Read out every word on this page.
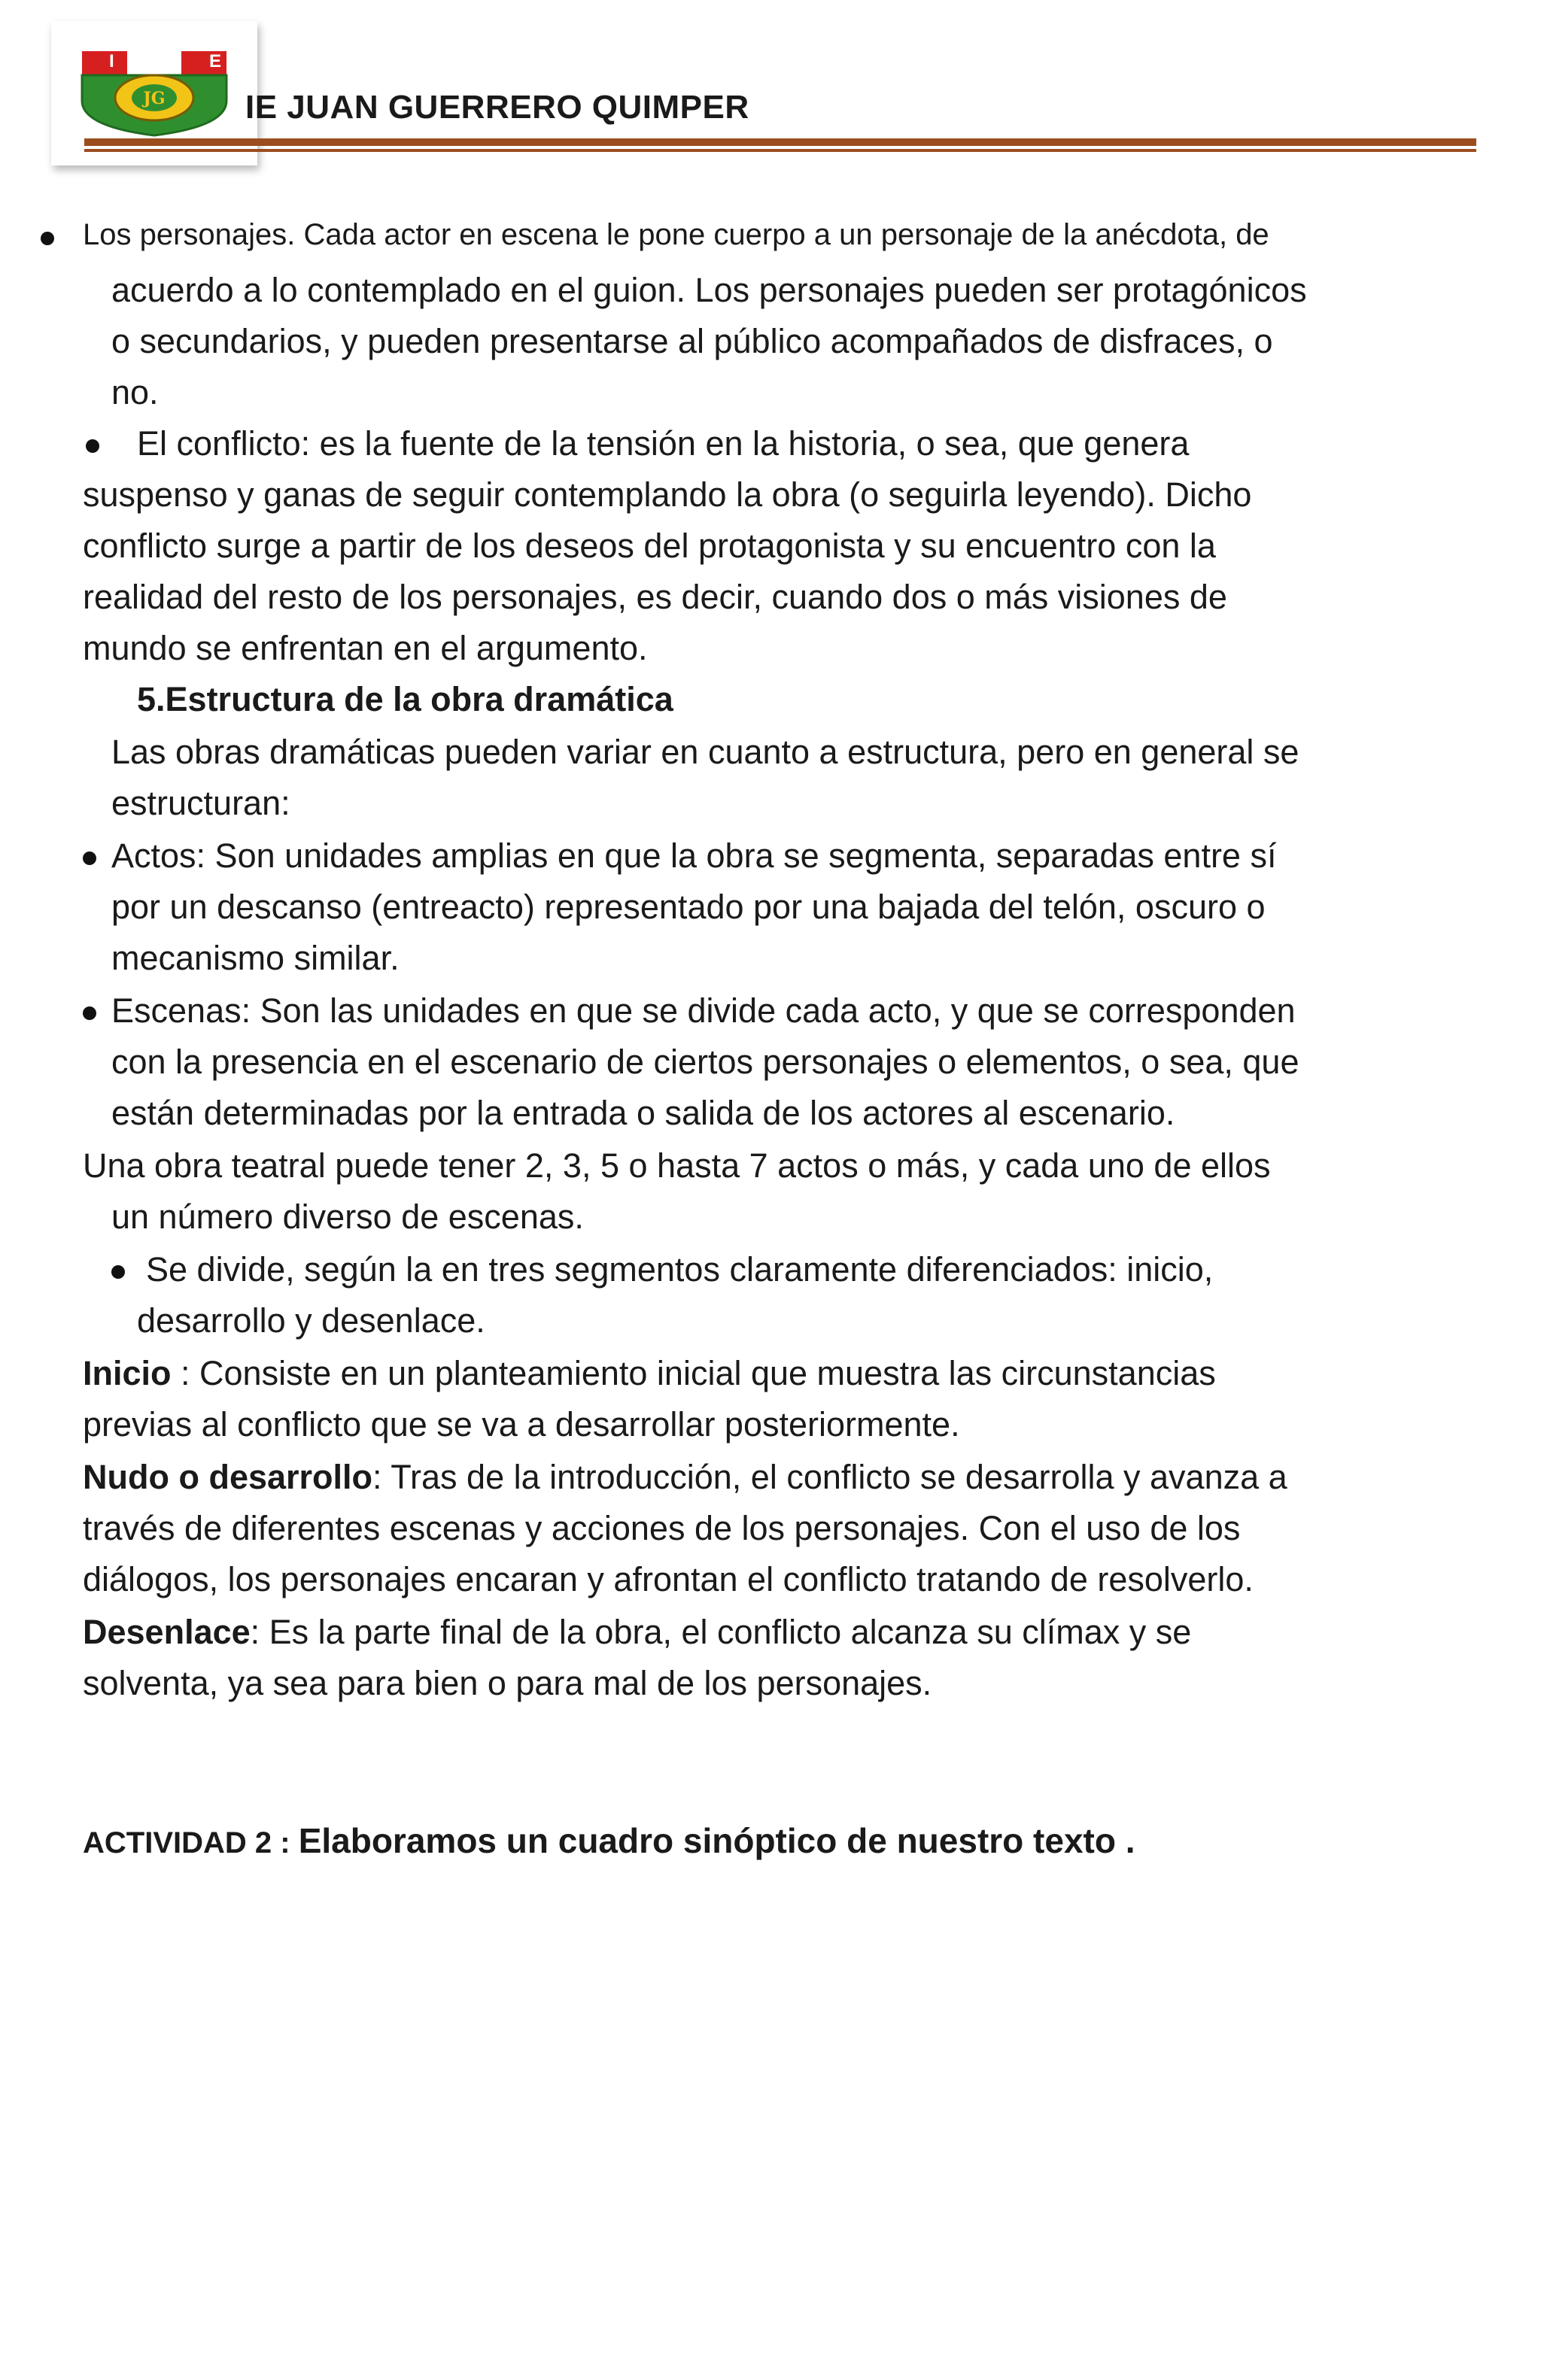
JG
I	E
IE JUAN GUERRERO QUIMPER
Los personajes. Cada actor en escena le pone cuerpo a un personaje de la anécdota, de
acuerdo a lo contemplado en el guion. Los personajes pueden ser protagónicos
o secundarios, y pueden presentarse al público acompañados de disfraces, o
no.
El conflicto: es la fuente de la tensión en la historia, o sea, que genera
suspenso y ganas de seguir contemplando la obra (o seguirla leyendo). Dicho
conflicto surge a partir de los deseos del protagonista y su encuentro con la
realidad del resto de los personajes, es decir, cuando dos o más visiones de
mundo se enfrentan en el argumento.
5.Estructura de la obra dramática
Las obras dramáticas pueden variar en cuanto a estructura, pero en general se
estructuran:
Actos: Son unidades amplias en que la obra se segmenta, separadas entre sí
por un descanso (entreacto) representado por una bajada del telón, oscuro o
mecanismo similar.
Escenas: Son las unidades en que se divide cada acto, y que se corresponden
con la presencia en el escenario de ciertos personajes o elementos, o sea, que
están determinadas por la entrada o salida de los actores al escenario.
Una obra teatral puede tener 2, 3, 5 o hasta 7 actos o más, y cada uno de ellos
un número diverso de escenas.
Se divide, según la en tres segmentos claramente diferenciados: inicio,
desarrollo y desenlace.
Inicio : Consiste en un planteamiento inicial que muestra las circunstancias
previas al conflicto que se va a desarrollar posteriormente.
Nudo o desarrollo: Tras de la introducción, el conflicto se desarrolla y avanza a
través de diferentes escenas y acciones de los personajes. Con el uso de los
diálogos, los personajes encaran y afrontan el conflicto tratando de resolverlo.
Desenlace: Es la parte final de la obra, el conflicto alcanza su clímax y se
solventa, ya sea para bien o para mal de los personajes.
ACTIVIDAD 2 : Elaboramos un cuadro sinóptico de nuestro texto .
